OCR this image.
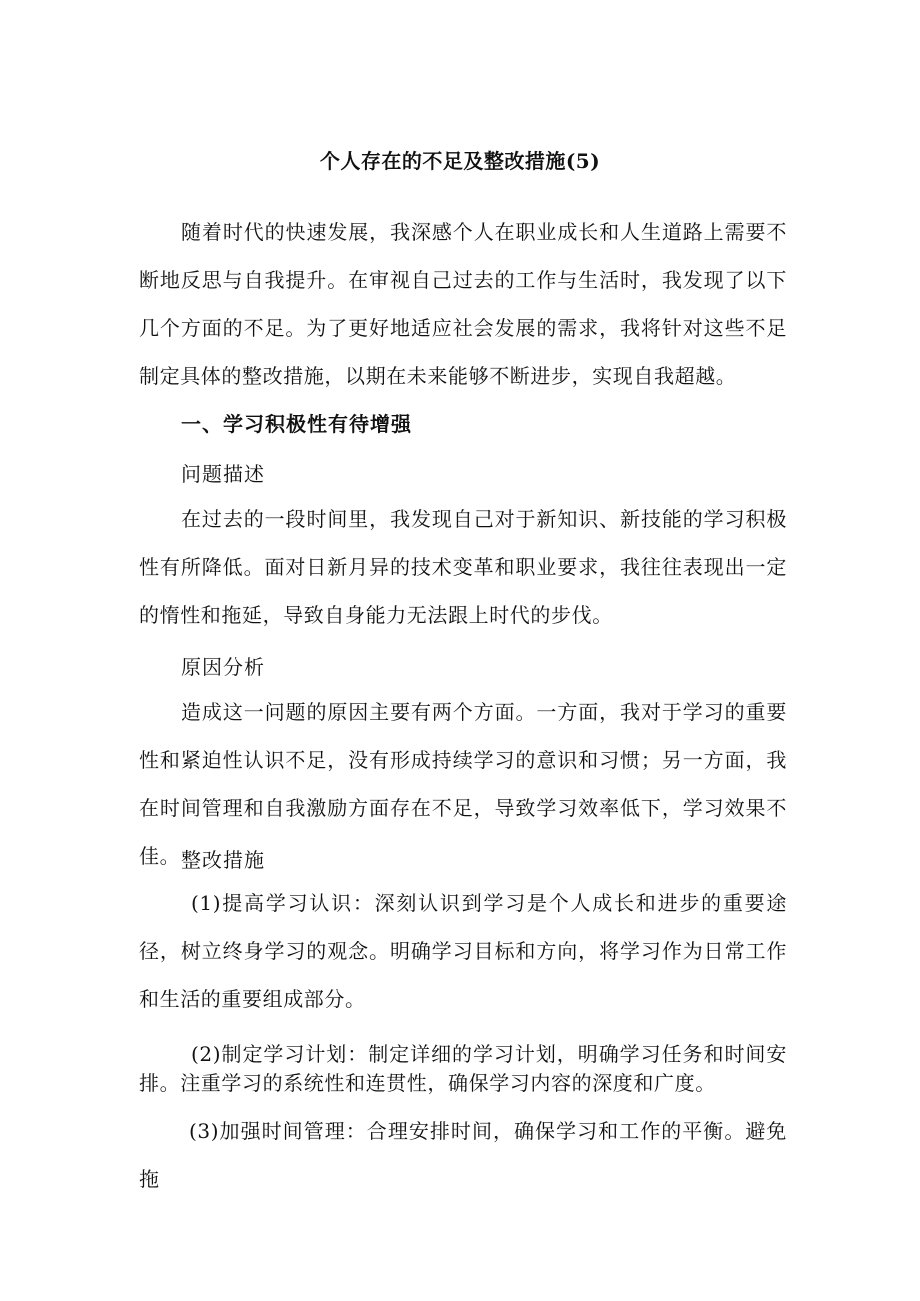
个人存在的不足及整改措施(5)

随着时代的快速发展，我深感个人在职业成长和人生道路上需要不断地反思与自我提升。在审视自己过去的工作与生活时，我发现了以下几个方面的不足。为了更好地适应社会发展的需求，我将针对这些不足制定具体的整改措施，以期在未来能够不断进步，实现自我超越。

一、学习积极性有待增强
问题描述

在过去的一段时间里，我发现自己对于新知识、新技能的学习积极性有所降低。面对日新月异的技术变革和职业要求，我往往表现出一定的惰性和拖延，导致自身能力无法跟上时代的步伐。

原因分析

造成这一问题的原因主要有两个方面。一方面，我对于学习的重要性和紧迫性认识不足，没有形成持续学习的意识和习惯；另一方面，我在时间管理和自我激励方面存在不足，导致学习效率低下，学习效果不佳。 整改措施

(1)提高学习认识：深刻认识到学习是个人成长和进步的重要途径，树立终身学习的观念。明确学习目标和方向，将学习作为日常工作和生活的重要组成部分。

(2)制定学习计划：制定详细的学习计划，明确学习任务和时间安排。注重学习的系统性和连贯性，确保学习内容的深度和广度。

(3)加强时间管理：合理安排时间，确保学习和工作的平衡。避免拖
